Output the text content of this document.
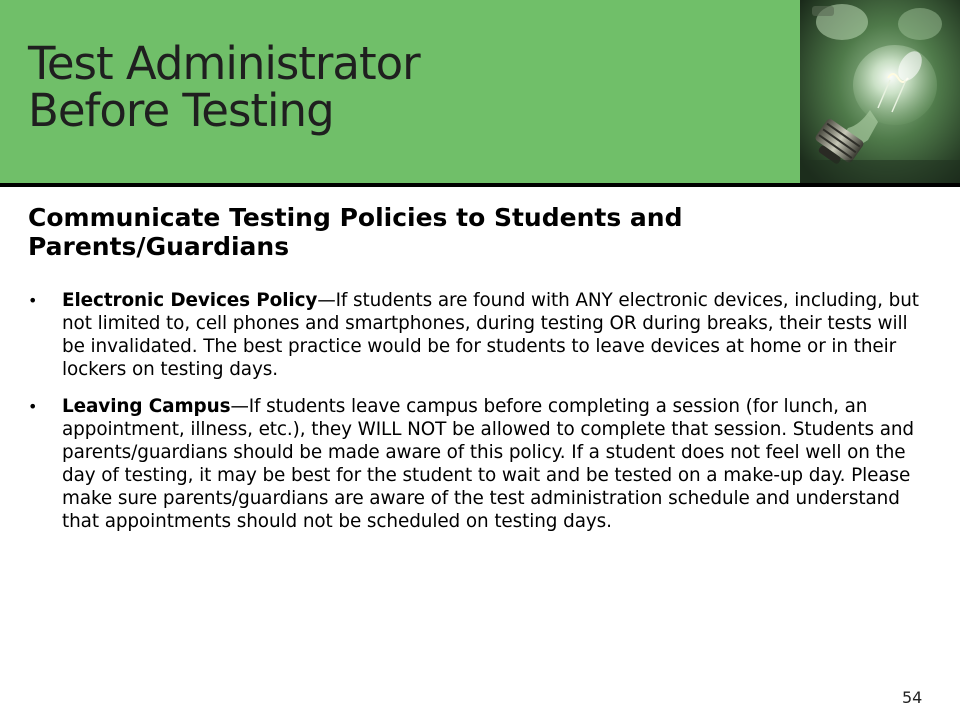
Test Administrator
Before Testing
Communicate Testing Policies to Students and Parents/Guardians
• Electronic Devices Policy—If students are found with ANY electronic devices, including, but not limited to, cell phones and smartphones, during testing OR during breaks, their tests will be invalidated. The best practice would be for students to leave devices at home or in their lockers on testing days.
• Leaving Campus—If students leave campus before completing a session (for lunch, an appointment, illness, etc.), they WILL NOT be allowed to complete that session. Students and parents/guardians should be made aware of this policy. If a student does not feel well on the day of testing, it may be best for the student to wait and be tested on a make-up day. Please make sure parents/guardians are aware of the test administration schedule and understand that appointments should not be scheduled on testing days.
54
